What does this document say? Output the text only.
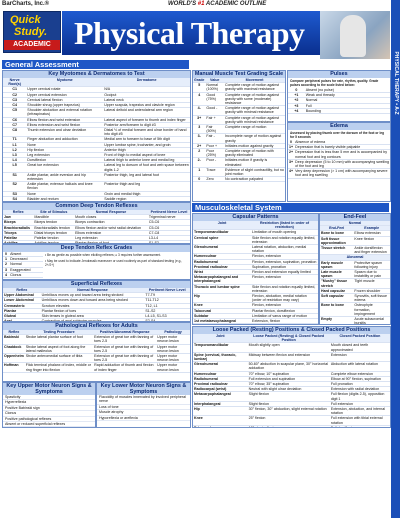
BarCharts, Inc.®	WORLD'S #1 ACADEMIC OUTLINE
Quick
Study.
ACADEMIC Physical Therapy
PHYSICAL THERAPY • A-Z
General Assessment
Key Myotomes & Dermatomes to Test
Nerve Root(s)	Myotome	Dermatome
C1	Upper cervical rotate	N/A
C2	Upper cervical extension	Occiput
C3	Cervical lateral flexion	Lateral neck
C4	Shoulder shrug (upper trapezius)	Upper scapula, trapezius and clavicle region
C5	Shoulder abduction and external rotation (infraspinatus)	Lateral deltoid and anterolateral arm region
C6	Elbow flexion and wrist extension	Lateral aspect of forearm to thumb and index finger
C7	Elbow extension and wrist flexion	Posterior arm/forearm to digit #3
C8	Thumb extension and ulnar deviation	Distal ⅓ of medial forearm and ulnar border of hand into digit #5
T1	Finger abduction and adduction	Medial arm to forearm to base of 5th digit
L1	None	Upper lumbar spine, trochanter, and groin
L2	Hip flexion	Anterior thigh
L3	Leg extension	Front of thigh to medial aspect of knee
L4	Dorsiflexion	Lateral thigh to anterior knee and medial leg
L5	Great toe extension	Lateral leg to dorsum of foot and web space between digits 1-2
S1	Ankle plantar, ankle eversion and hip extension	Posterior thigh, leg and lateral foot
S2	Ankle plantar, extensor hallucis and knee flexion	Posterior thigh and leg
S3	None	Groin and medial thigh
S4	Bladder and rectum	Saddle region
Common Deep Tendon Reflexes
Reflex	Site of Stimulus	Normal Response	Pertinent Nerve Level
Jaw	Mandible	Mouth closes	Trigeminal nerve
Biceps	Biceps tendon	Biceps contraction	C5-C6
Brachioradialis	Brachioradialis tendon	Elbow flexion and/or wrist radial deviation	C5-C6
Triceps	Distal triceps tendon	Elbow extension	C7-C8
Patellar	Patellar tendon	Leg extension	L3-L4
Achilles	Achilles tendon	Plantar flexion of foot	S1-S2
Deep Tendon Reflex Grades
0	Absent
1	Decreased
2	Normal
3	Exaggerated
4	Clonus
• Be as gentle as possible when eliciting reflexes; ≥ 3 requires further assessment.
• May be used to indicate Jendrassik maneuver or used routinely as part of standard testing (e.g., 2+/2+)
Superficial Reflexes
Reflex	Normal Response	Pertinent Nerve Level
Upper Abdominal	Umbilicus moves up and toward area being stroked	T7-T9
Lower Abdominal	Umbilicus moves down and toward area being stroked	T11-T12
Cremasteric	Scrotum elevates	T12, L1
Plantar	Plantar flexion of toes	S1-S2
Gluteal	Skin tenses in gluteal area	L4-L5, S1-S3
Anal	Contraction of anal sphincter muscles	S2-S4
Pathological Reflexes for Adults
Reflex	Testing Procedure	Positive/Abnormal Response	Pathology
Babinski	Stroke lateral plantar surface of foot	Extension of great toe with fanning of toes 2-5	Upper motor neuron lesion
Chaddock	Stroke lateral aspect of foot along the lateral malleolus	Extension of great toe with fanning of toes 2-5	Upper motor neuron lesion
Oppenheim	Stroke anteromedial surface of tibia	Extension of great toe with fanning of toes 2-5	Upper motor neuron lesion
Hoffman	Flick terminal phalanx of index, middle or ring finger into flexion	Rapid adduction of thumb and flexion of index finger	Upper motor neuron lesion
Key Upper Motor Neuron Signs & Symptoms
Spasticity
Hyperreflexia
Positive Babinski sign
Clonus
Positive pathological reflexes
Absent or reduced superficial reflexes
Key Lower Motor Neuron Signs & Symptoms
Flaccidity of muscles innervated by involved peripheral nerve
Loss of tone
Muscle atrophy
Hyporeflexia or areflexia
Manual Muscle Test Grading Scale
Grade	Value	Movement
5	Normal (100%)	Complete range of motion against gravity with maximal resistance
4	Good (75%)	Complete range of motion against gravity with some (moderate) resistance
4-	Good -	Complete range of motion against gravity with minimal resistance
3+	Fair +	Complete range of motion against gravity with minimal resistance
3	Fair (50%)	Complete range of motion
3-	Fair -	Incomplete range of motion against gravity
2+	Poor +	Initiates motion against gravity
2	Poor (25%)	Complete range of motion with gravity eliminated
2-	Poor -	Initiates motion if gravity is eliminated
1	Trace	Evidence of slight contractility, but no joint motion
0	Zero	No contraction palpated
Pulses
Compare peripheral pulses for rate, rhythm, quality. Grade pulses according to the scale listed below:
0	Absent (no pulse)
+1	Weak and thready
+2	Normal
+3	Full
+4	Bounding
Edema
Assessed by placing thumb over the dorsum of the foot or leg for 5 seconds
0	Absence of edema
1+	Depression that is barely visible palpable
2+	Depression that is less than 5 mm and is accompanied by normal foot and leg contours
3+	Deep depression (5 to 10 mm) with accompanying swelling of the foot and leg
4+	Very deep depression (> 1 cm) with accompanying severe foot and leg swelling
Musculoskeletal System
Capsular Patterns
Joint	Restriction (listed in order of restriction)
Temporomandibular	Limitation of mouth opening
Cervical spine	Side flexion and rotation equally limited, extension
Glenohumeral	Lateral rotation, abduction, medial rotation
Humeroulnar	Flexion, extension
Radiohumeral	Flexion, extension, supination, pronation
Proximal radioulnar	Supination, pronation
Wrist	Flexion and extension equally limited
Metacarpophalangeal and interphalangeal	Flexion, extension
Thoracic and lumbar spine	Side flexion and rotation equally limited, extension
Hip	Flexion, abduction, medial rotation (order of restriction may vary)
Knee	Flexion, extension
Talocrural	Plantar flexion, dorsiflexion
Subtalar	Limitation of varus range of motion
1st metatarsophalangeal	Extension, flexion

End-Feel
Normal	
End-Feel	Example
Bone to bone	Elbow extension
Soft tissue approximation	Knee flexion
Tissue stretch	Ankle dorsiflexion and finger extension
Abnormal	
Early muscle spasm	Protective spasm following injury
Late muscle spasm	Spasm due to instability or pain
"Mushy" tissue stretch	Tight muscle
Hard capsular	Frozen shoulder
Soft capsular	Synovitis, soft tissue edema
Bone to bone	Osteophyte formation, impingement
Empty	Acute subacromial bursitis

Loose Packed (Resting) Positions & Closed Packed Positions
Joint	Loose Packed (Resting) & Closed Packed Position	Closed Packed Position
Temporomandibular	Mouth slightly open	Mouth closed and teeth approximated
Spine (cervical, thoracic, lumbar)	Midway between flexion and extension	Extension
Glenohumeral	50-60° abduction in scapular plane, 30° horizontal adduction	Abduction with lateral rotation
Humeroulnar	70° elbow, 10° supination	Complete elbow extension
Radiohumeral	Full extension and supination	Elbow at 90° flexion, supination
Proximal radioulnar	70° elbow, 35° supination	Full pronation
Radiocarpal (wrist)	Neutral with slight ulnar deviation	Extension with radial deviation
Metacarpophalangeal	Slight flexion	Full flexion (digits 2-5), opposition digit 1
Interphalangeal	Slight flexion	Full extension
Hip	30° flexion, 30° abduction, slight external rotation	Extension, abduction, and internal rotation
Knee	25° flexion	Full extension with tibial external rotation
Talocrural	10° plantar flexion	Full dorsiflexion
